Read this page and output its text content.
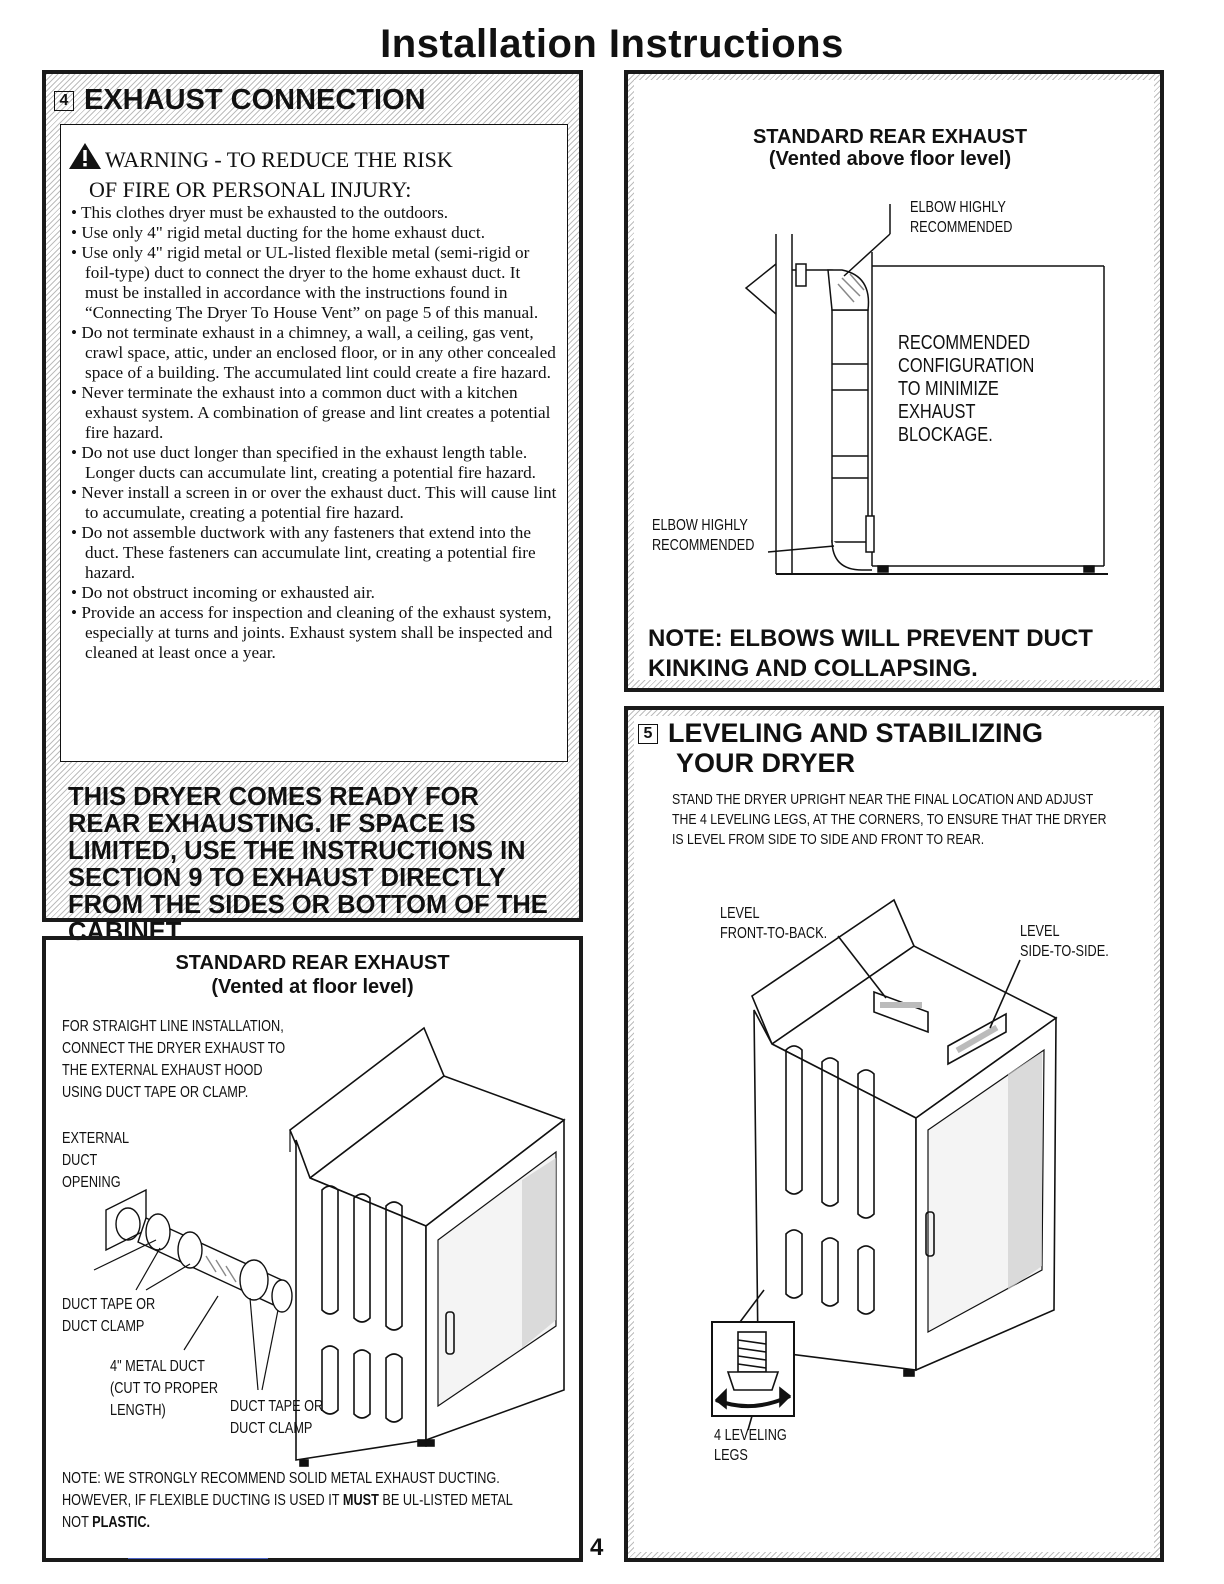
Installation Instructions
4 EXHAUST CONNECTION
WARNING - TO REDUCE THE RISK
OF FIRE OR PERSONAL INJURY:
• This clothes dryer must be exhausted to the outdoors.
• Use only 4" rigid metal ducting for the home exhaust duct.
• Use only 4" rigid metal or UL-listed flexible metal (semi-rigid or foil-type) duct to connect the dryer to the home exhaust duct. It must be installed in accordance with the instructions found in “Connecting The Dryer To House Vent” on page 5 of this manual.
• Do not terminate exhaust in a chimney, a wall, a ceiling, gas vent, crawl space, attic, under an enclosed floor, or in any other concealed space of a building. The accumulated lint could create a fire hazard.
• Never terminate the exhaust into a common duct with a kitchen exhaust system. A combination of grease and lint creates a potential fire hazard.
• Do not use duct longer than specified in the exhaust length table. Longer ducts can accumulate lint, creating a potential fire hazard.
• Never install a screen in or over the exhaust duct. This will cause lint to accumulate, creating a potential fire hazard.
• Do not assemble ductwork with any fasteners that extend into the duct. These fasteners can accumulate lint, creating a potential fire hazard.
• Do not obstruct incoming or exhausted air.
• Provide an access for inspection and cleaning of the exhaust system, especially at turns and joints. Exhaust system shall be inspected and cleaned at least once a year.
THIS DRYER COMES READY FOR REAR EXHAUSTING. IF SPACE IS LIMITED, USE THE INSTRUCTIONS IN SECTION 9 TO EXHAUST DIRECTLY FROM THE SIDES OR BOTTOM OF THE CABINET.
STANDARD REAR EXHAUST
(Vented at floor level)
FOR STRAIGHT LINE INSTALLATION,
CONNECT THE DRYER EXHAUST TO
THE EXTERNAL EXHAUST HOOD
USING DUCT TAPE OR CLAMP.
EXTERNAL
DUCT
OPENING
DUCT TAPE OR
DUCT CLAMP
4" METAL DUCT
(CUT TO PROPER
LENGTH)	DUCT TAPE OR
DUCT CLAMP
NOTE: WE STRONGLY RECOMMEND SOLID METAL EXHAUST DUCTING.
HOWEVER, IF FLEXIBLE DUCTING IS USED IT MUST BE UL-LISTED METAL
NOT PLASTIC.
4
STANDARD REAR EXHAUST
(Vented above floor level)
ELBOW HIGHLY
RECOMMENDED
RECOMMENDED
CONFIGURATION
TO MINIMIZE
EXHAUST
BLOCKAGE.
ELBOW HIGHLY
RECOMMENDED
NOTE: ELBOWS WILL PREVENT DUCT KINKING AND COLLAPSING.
5 LEVELING AND STABILIZING
YOUR DRYER
STAND THE DRYER UPRIGHT NEAR THE FINAL LOCATION AND ADJUST
THE 4 LEVELING LEGS, AT THE CORNERS, TO ENSURE THAT THE DRYER
IS LEVEL FROM SIDE TO SIDE AND FRONT TO REAR.
LEVEL
FRONT-TO-BACK.	LEVEL
SIDE-TO-SIDE.
4 LEVELING
LEGS
